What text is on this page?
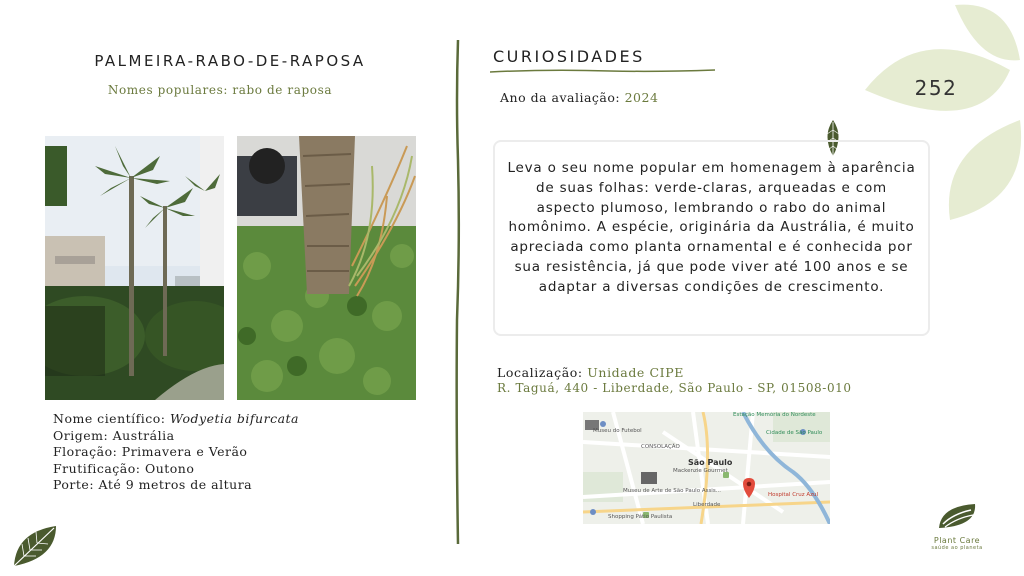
PALMEIRA-RABO-DE-RAPOSA
Nomes populares: rabo de raposa
Nome científico: Wodyetia bifurcata
Origem: Austrália
Floração: Primavera e Verão
Frutificação: Outono
Porte: Até 9 metros de altura
CURIOSIDADES
Ano da avaliação: 2024
Leva o seu nome popular em homenagem à aparência de suas folhas: verde-claras, arqueadas e com aspecto plumoso, lembrando o rabo do animal homônimo. A espécie, originária da Austrália, é muito apreciada como planta ornamental e é conhecida por sua resistência, já que pode viver até 100 anos e se adaptar a diversas condições de crescimento.
Localização: Unidade CIPE
R. Taguá, 440 - Liberdade, São Paulo - SP, 01508-010
Museu do Futebol
CONSOLAÇÃO
Mackenzie Gourmet
Museu de Arte de São Paulo Assis...
Liberdade
Shopping Pátio Paulista
Hospital Cruz Azul
Cidade de São Paulo
Estação Memória do Nordeste
São Paulo
252
Plant Care
saúde ao planeta
